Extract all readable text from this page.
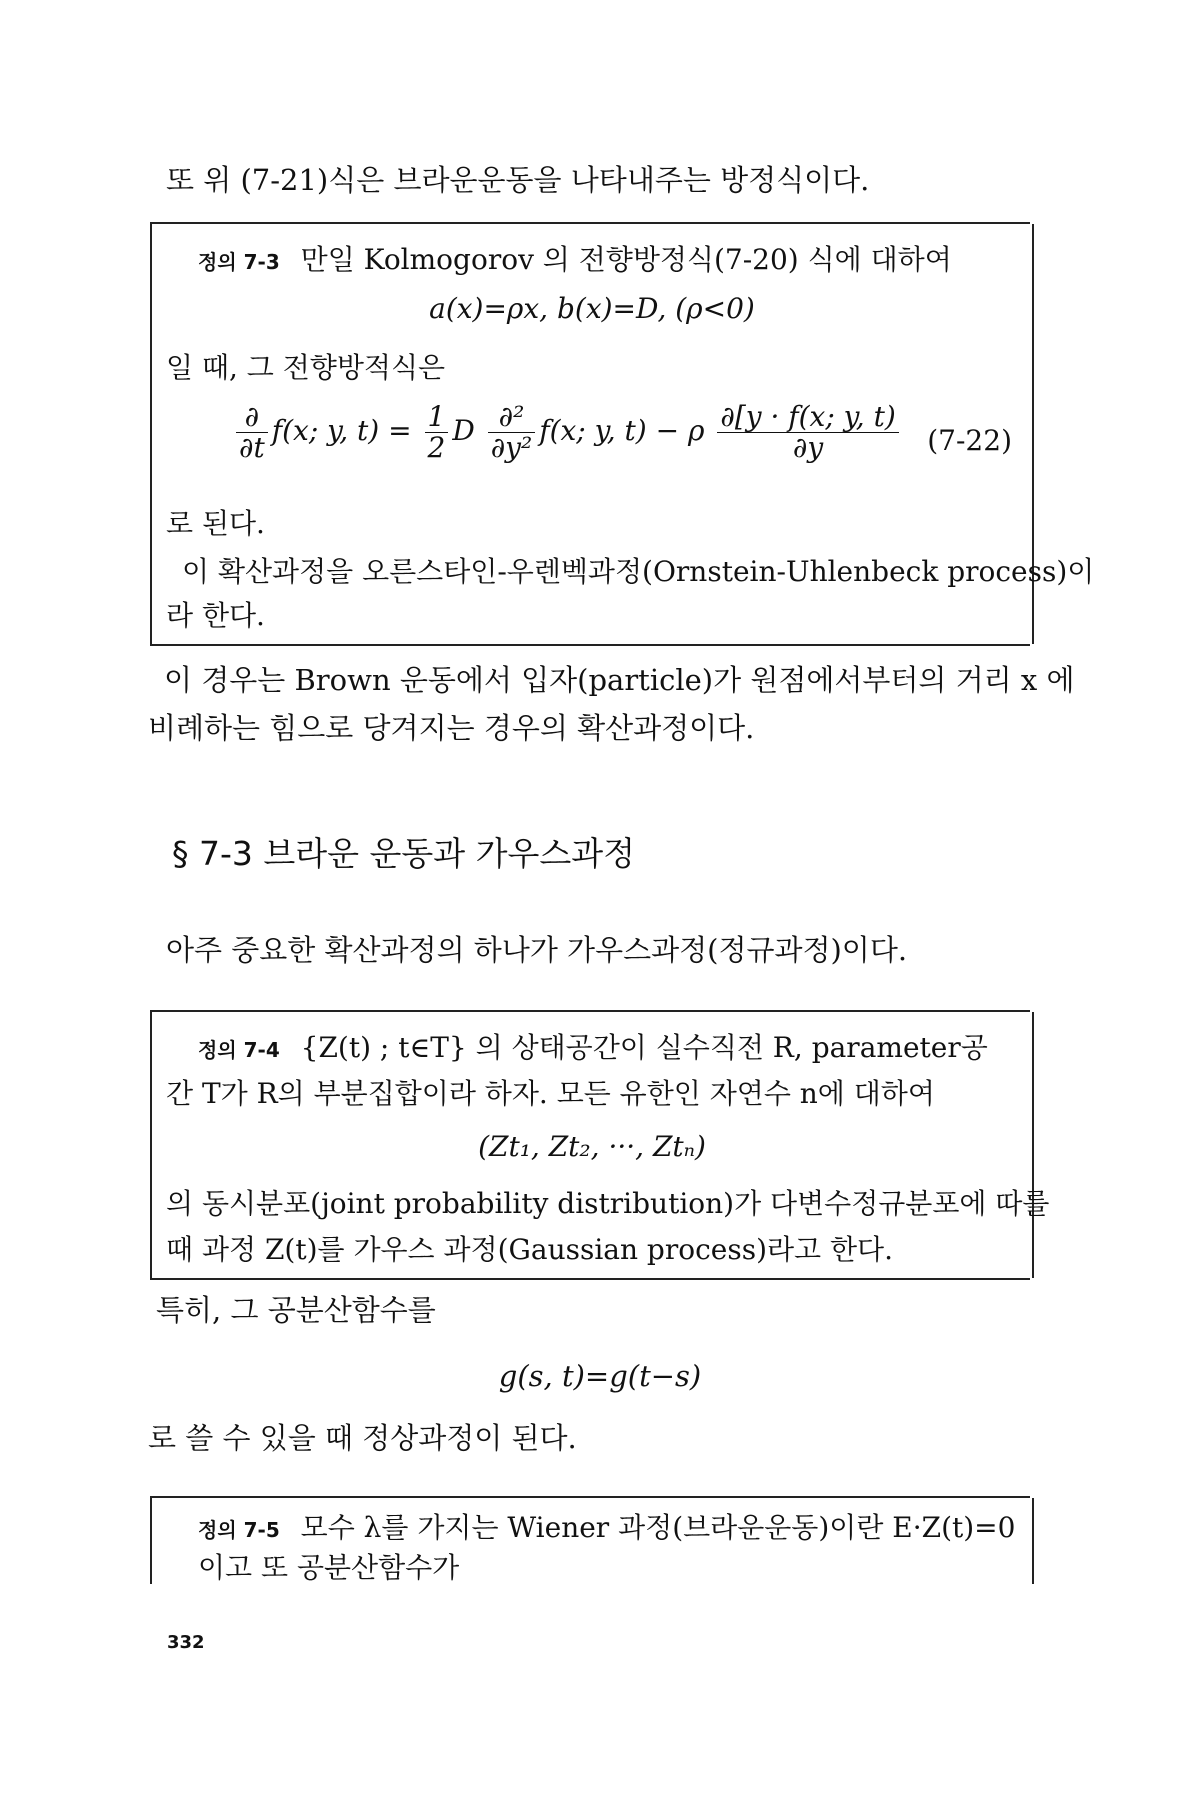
또 위 (7-21)식은 브라운운동을 나타내주는 방정식이다.
정의 7-3 만일 Kolmogorov 의 전향방정식(7-20) 식에 대하여
a(x)=ρx, b(x)=D, (ρ<0)
일 때, 그 전향방적식은
$\frac{\partial}{\partial t} f(x$; y, $t) = \frac{1}{2}$ D $\frac{\text{∂²}}{\text{∂y²}} f(x$; y, t) − ρ $\frac{\partial[y \cdot f(x; y, t)}{\partial y} (7-22)$
로 된다.
이 확산과정을 오른스타인-우렌벡과정(Ornstein-Uhlenbeck process)이
라 한다.
이 경우는 Brown 운동에서 입자(particle)가 원점에서부터의 거리 x 에
비례하는 힘으로 당겨지는 경우의 확산과정이다.
§ 7-3 브라운 운동과 가우스과정
아주 중요한 확산과정의 하나가 가우스과정(정규과정)이다.
정의 7-4 {Z(t) ; t∈T} 의 상태공간이 실수직전 R, parameter공
간 T가 R의 부분집합이라 하자. 모든 유한인 자연수 n에 대하여
(Zt₁, Zt₂, ···, Ztₙ)
의 동시분포(joint probability distribution)가 다변수정규분포에 따를
때 과정 Z(t)를 가우스 과정(Gaussian process)라고 한다.
특히, 그 공분산함수를
g(s, t)=g(t−s)
로 쓸 수 있을 때 정상과정이 된다.
정의 7-5 모수 λ를 가지는 Wiener 과정(브라운운동)이란 E·Z(t)=0
이고 또 공분산함수가
332
